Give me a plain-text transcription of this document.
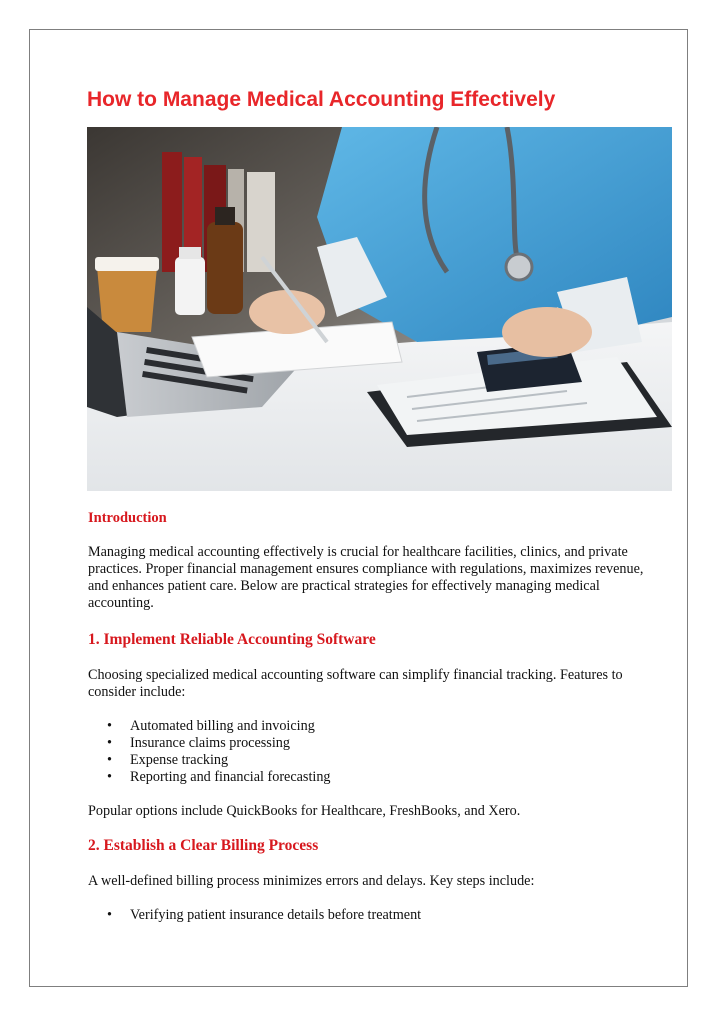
How to Manage Medical Accounting Effectively
Introduction

Managing medical accounting effectively is crucial for healthcare facilities, clinics, and private practices. Proper financial management ensures compliance with regulations, maximizes revenue, and enhances patient care. Below are practical strategies for effectively managing medical accounting.

1. Implement Reliable Accounting Software

Choosing specialized medical accounting software can simplify financial tracking. Features to consider include:

• Automated billing and invoicing
• Insurance claims processing
• Expense tracking
• Reporting and financial forecasting

Popular options include QuickBooks for Healthcare, FreshBooks, and Xero.

2. Establish a Clear Billing Process

A well-defined billing process minimizes errors and delays. Key steps include:

• Verifying patient insurance details before treatment
